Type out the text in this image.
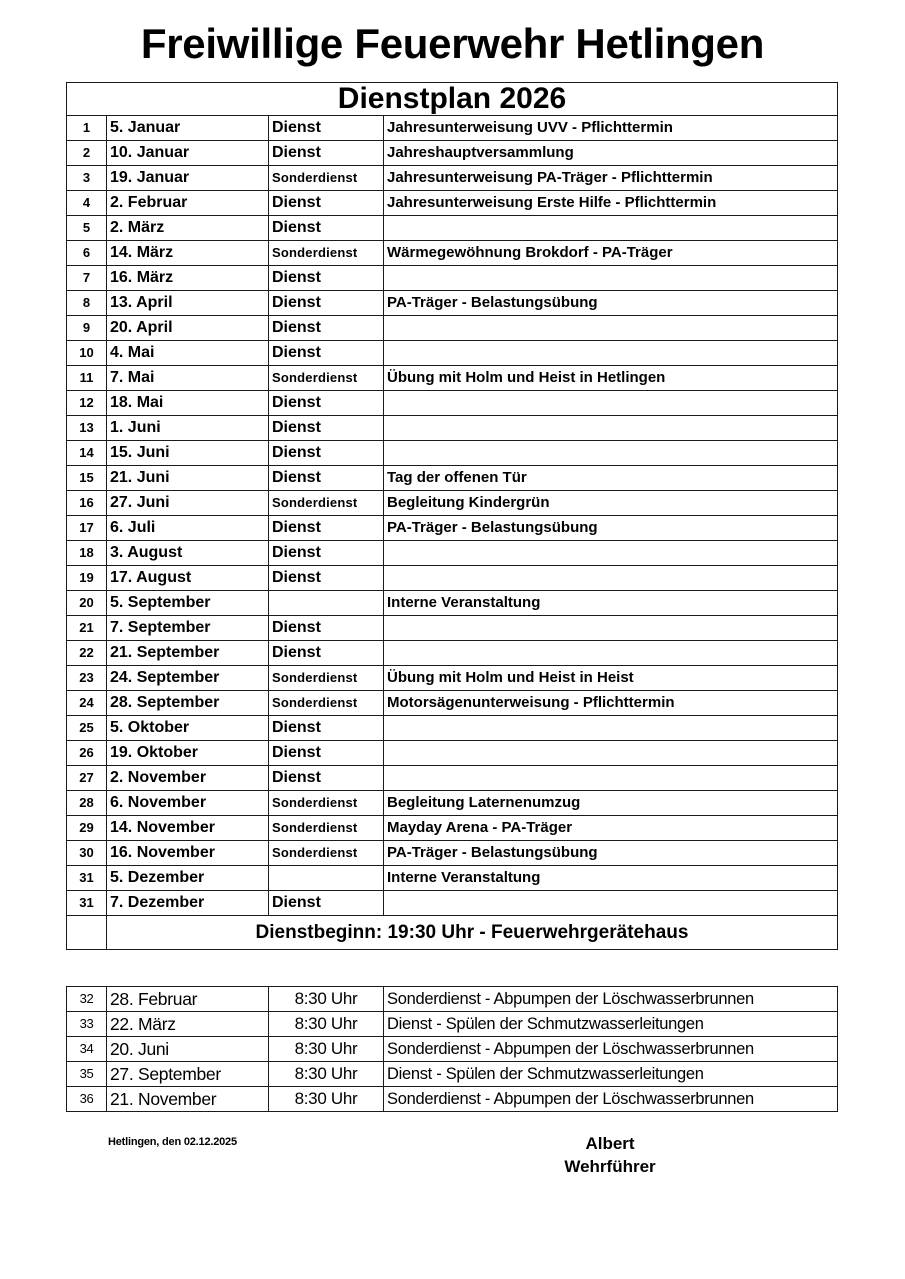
Freiwillige Feuerwehr Hetlingen
Dienstplan 2026			
1	5. Januar	Dienst	Jahresunterweisung UVV - Pflichttermin
2	10. Januar	Dienst	Jahreshauptversammlung
3	19. Januar	Sonderdienst	Jahresunterweisung PA-Träger - Pflichttermin
4	2. Februar	Dienst	Jahresunterweisung Erste Hilfe - Pflichttermin
5	2. März	Dienst	
6	14. März	Sonderdienst	Wärmegewöhnung Brokdorf - PA-Träger
7	16. März	Dienst	
8	13. April	Dienst	PA-Träger - Belastungsübung
9	20. April	Dienst	
10	4. Mai	Dienst	
11	7. Mai	Sonderdienst	Übung mit Holm und Heist in Hetlingen
12	18. Mai	Dienst	
13	1. Juni	Dienst	
14	15. Juni	Dienst	
15	21. Juni	Dienst	Tag der offenen Tür
16	27. Juni	Sonderdienst	Begleitung Kindergrün
17	6. Juli	Dienst	PA-Träger - Belastungsübung
18	3. August	Dienst	
19	17. August	Dienst	
20	5. September		Interne Veranstaltung
21	7. September	Dienst	
22	21. September	Dienst	
23	24. September	Sonderdienst	Übung mit Holm und Heist in Heist
24	28. September	Sonderdienst	Motorsägenunterweisung - Pflichttermin
25	5. Oktober	Dienst	
26	19. Oktober	Dienst	
27	2. November	Dienst	
28	6. November	Sonderdienst	Begleitung Laternenumzug
29	14. November	Sonderdienst	Mayday Arena - PA-Träger
30	16. November	Sonderdienst	PA-Träger - Belastungsübung
31	5. Dezember		Interne Veranstaltung
31	7. Dezember	Dienst	
	Dienstbeginn: 19:30 Uhr - Feuerwehrgerätehaus		
32	28. Februar	8:30 Uhr	Sonderdienst - Abpumpen der Löschwasserbrunnen
33	22. März	8:30 Uhr	Dienst - Spülen der Schmutzwasserleitungen
34	20. Juni	8:30 Uhr	Sonderdienst - Abpumpen der Löschwasserbrunnen
35	27. September	8:30 Uhr	Dienst - Spülen der Schmutzwasserleitungen
36	21. November	8:30 Uhr	Sonderdienst - Abpumpen der Löschwasserbrunnen
Hetlingen, den 02.12.2025	Albert
Wehrführer
